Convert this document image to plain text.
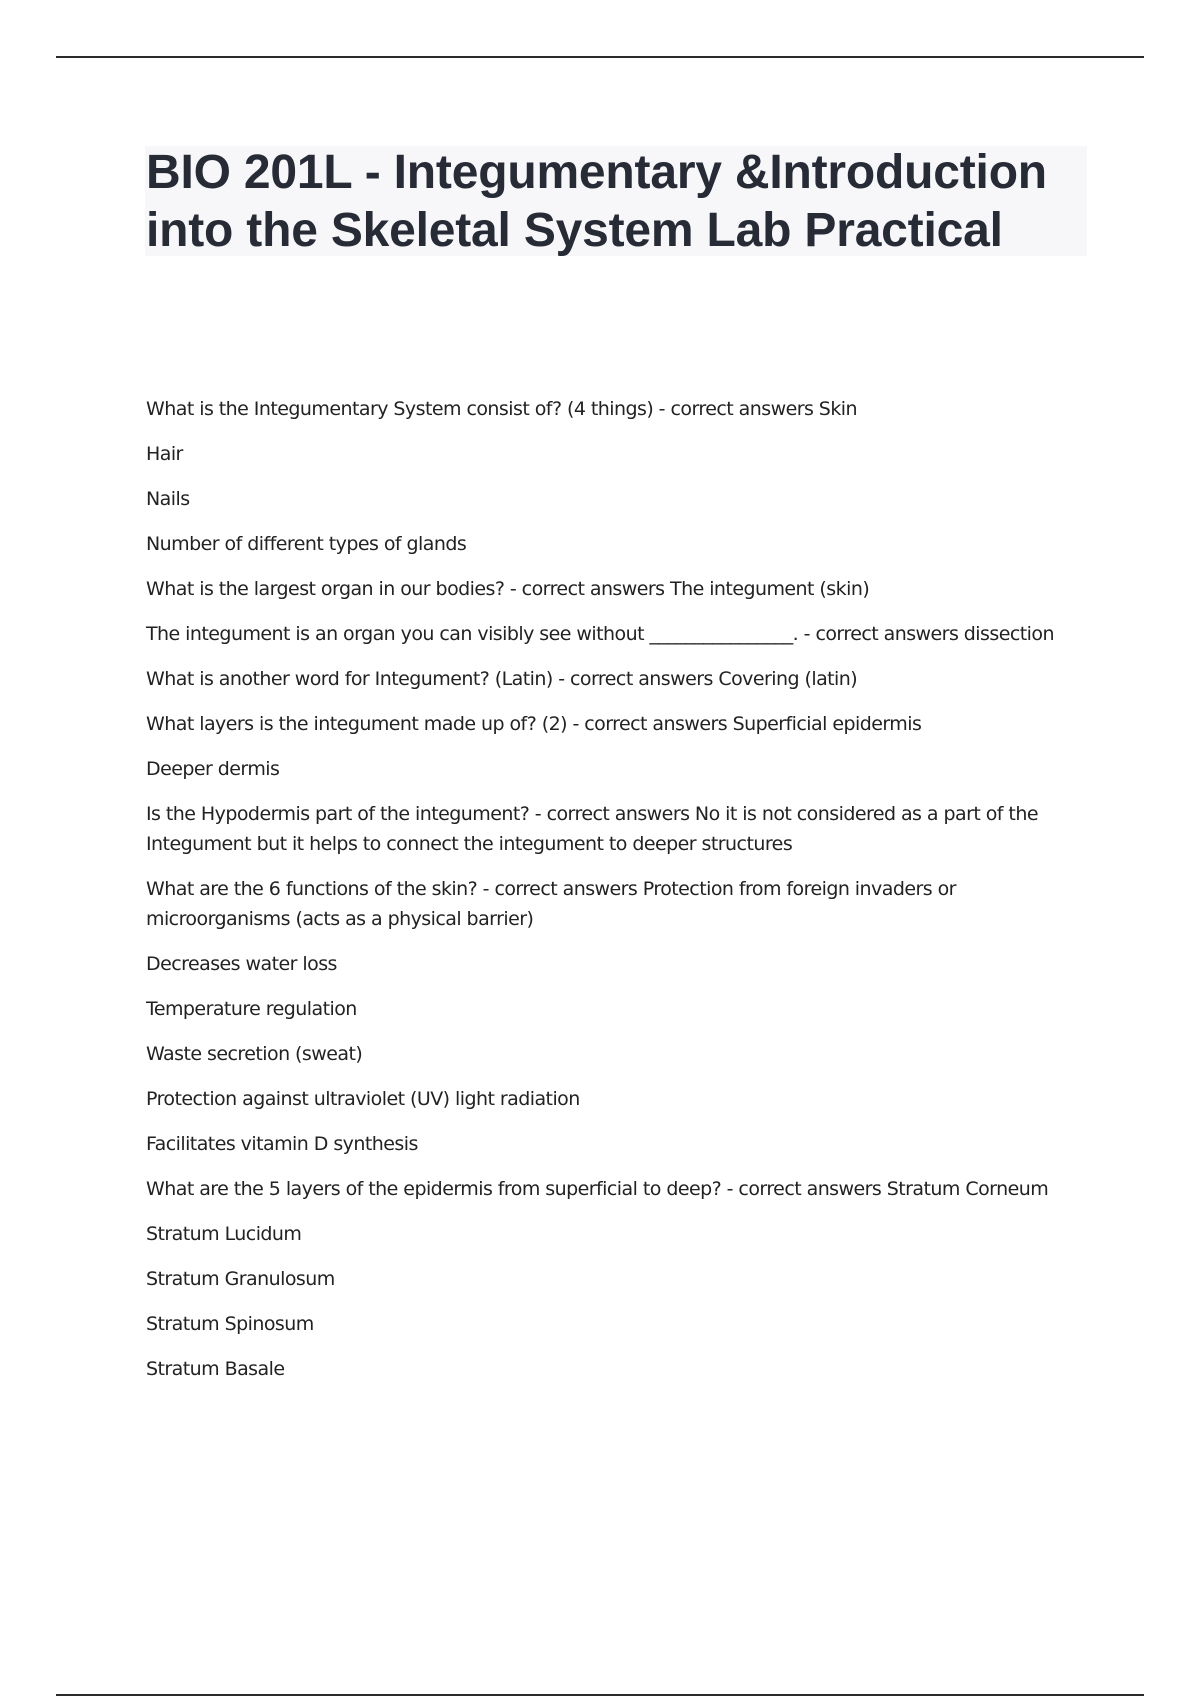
BIO 201L - Integumentary &Introduction into the Skeletal System Lab Practical

What is the Integumentary System consist of? (4 things) - correct answers Skin

Hair

Nails

Number of different types of glands

What is the largest organ in our bodies? - correct answers The integument (skin)

The integument is an organ you can visibly see without ________________. - correct answers dissection

What is another word for Integument? (Latin) - correct answers Covering (latin)

What layers is the integument made up of? (2) - correct answers Superficial epidermis

Deeper dermis

Is the Hypodermis part of the integument? - correct answers No it is not considered as a part of the Integument but it helps to connect the integument to deeper structures

What are the 6 functions of the skin? - correct answers Protection from foreign invaders or microorganisms (acts as a physical barrier)

Decreases water loss

Temperature regulation

Waste secretion (sweat)

Protection against ultraviolet (UV) light radiation

Facilitates vitamin D synthesis

What are the 5 layers of the epidermis from superficial to deep? - correct answers Stratum Corneum

Stratum Lucidum

Stratum Granulosum

Stratum Spinosum

Stratum Basale
